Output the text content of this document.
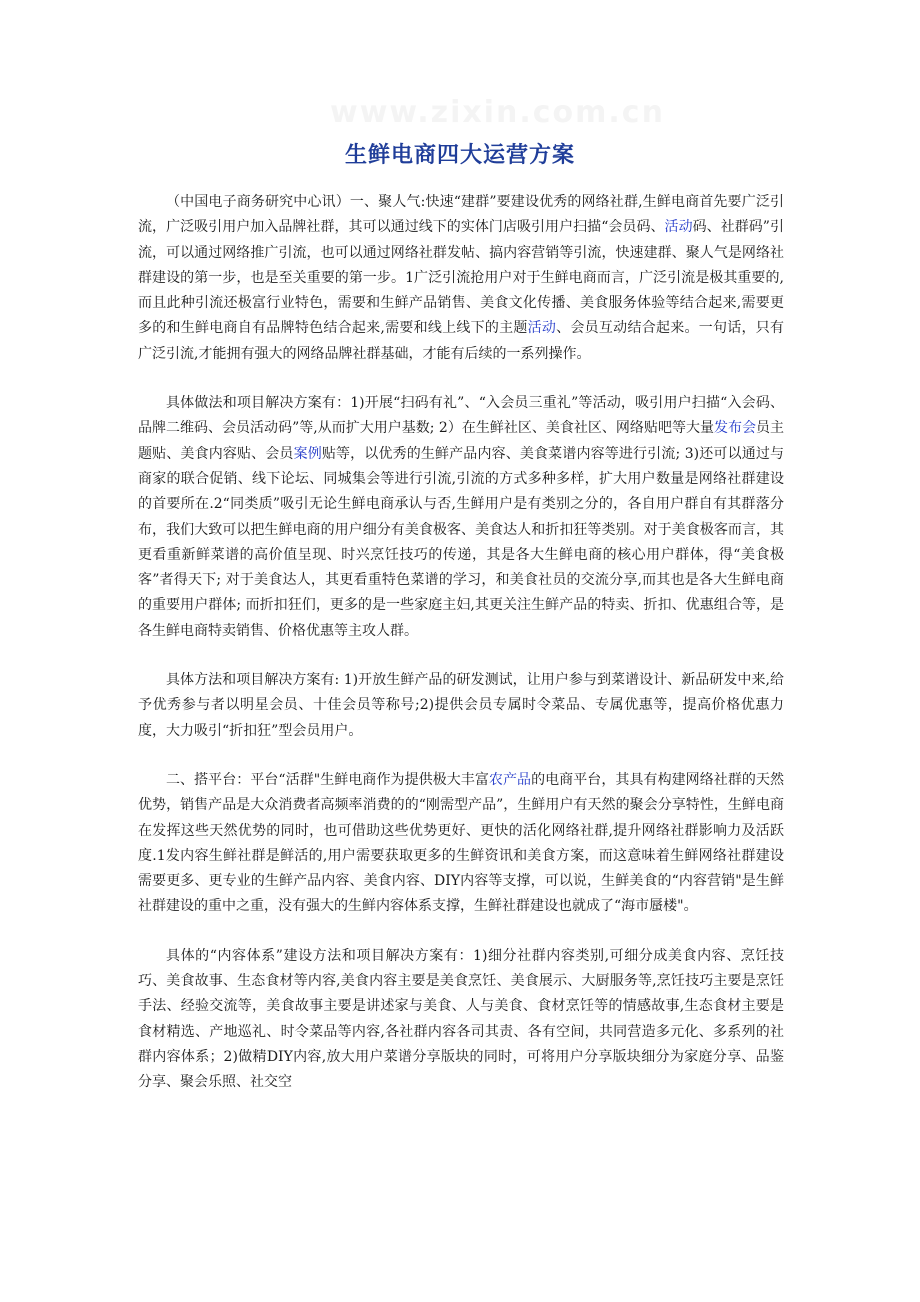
www.zixin.com.cn
生鲜电商四大运营方案

（中国电子商务研究中心讯）一、聚人气:快速“建群”要建设优秀的网络社群,生鲜电商首先要广泛引流，广泛吸引用户加入品牌社群，其可以通过线下的实体门店吸引用户扫描“会员码、活动码、社群码”引流，可以通过网络推广引流，也可以通过网络社群发帖、搞内容营销等引流，快速建群、聚人气是网络社群建设的第一步，也是至关重要的第一步。1广泛引流抢用户对于生鲜电商而言，广泛引流是极其重要的,而且此种引流还极富行业特色，需要和生鲜产品销售、美食文化传播、美食服务体验等结合起来,需要更多的和生鲜电商自有品牌特色结合起来,需要和线上线下的主题活动、会员互动结合起来。一句话，只有广泛引流,才能拥有强大的网络品牌社群基础，才能有后续的一系列操作。

具体做法和项目解决方案有：1)开展“扫码有礼”、“入会员三重礼”等活动，吸引用户扫描“入会码、品牌二维码、会员活动码”等,从而扩大用户基数; 2）在生鲜社区、美食社区、网络贴吧等大量发布会员主题贴、美食内容贴、会员案例贴等，以优秀的生鲜产品内容、美食菜谱内容等进行引流; 3)还可以通过与商家的联合促销、线下论坛、同城集会等进行引流,引流的方式多种多样，扩大用户数量是网络社群建设的首要所在.2“同类质”吸引无论生鲜电商承认与否,生鲜用户是有类别之分的，各自用户群自有其群落分布，我们大致可以把生鲜电商的用户细分有美食极客、美食达人和折扣狂等类别。对于美食极客而言，其更看重新鲜菜谱的高价值呈现、时兴烹饪技巧的传递，其是各大生鲜电商的核心用户群体，得“美食极客”者得天下; 对于美食达人，其更看重特色菜谱的学习，和美食社员的交流分享,而其也是各大生鲜电商的重要用户群体; 而折扣狂们，更多的是一些家庭主妇,其更关注生鲜产品的特卖、折扣、优惠组合等，是各生鲜电商特卖销售、价格优惠等主攻人群。

具体方法和项目解决方案有: 1)开放生鲜产品的研发测试，让用户参与到菜谱设计、新品研发中来,给予优秀参与者以明星会员、十佳会员等称号;2)提供会员专属时令菜品、专属优惠等，提高价格优惠力度，大力吸引“折扣狂”型会员用户。

二、搭平台：平台“活群"生鲜电商作为提供极大丰富农产品的电商平台，其具有构建网络社群的天然优势，销售产品是大众消费者高频率消费的的“刚需型产品”，生鲜用户有天然的聚会分享特性，生鲜电商在发挥这些天然优势的同时，也可借助这些优势更好、更快的活化网络社群,提升网络社群影响力及活跃度.1发内容生鲜社群是鲜活的,用户需要获取更多的生鲜资讯和美食方案，而这意味着生鲜网络社群建设需要更多、更专业的生鲜产品内容、美食内容、DIY内容等支撑，可以说，生鲜美食的“内容营销"是生鲜社群建设的重中之重，没有强大的生鲜内容体系支撑，生鲜社群建设也就成了“海市蜃楼"。

具体的“内容体系”建设方法和项目解决方案有：1)细分社群内容类别,可细分成美食内容、烹饪技巧、美食故事、生态食材等内容,美食内容主要是美食烹饪、美食展示、大厨服务等,烹饪技巧主要是烹饪手法、经验交流等，美食故事主要是讲述家与美食、人与美食、食材烹饪等的情感故事,生态食材主要是食材精选、产地巡礼、时令菜品等内容,各社群内容各司其责、各有空间，共同营造多元化、多系列的社群内容体系；2)做精DIY内容,放大用户菜谱分享版块的同时，可将用户分享版块细分为家庭分享、品鉴分享、聚会乐照、社交空
